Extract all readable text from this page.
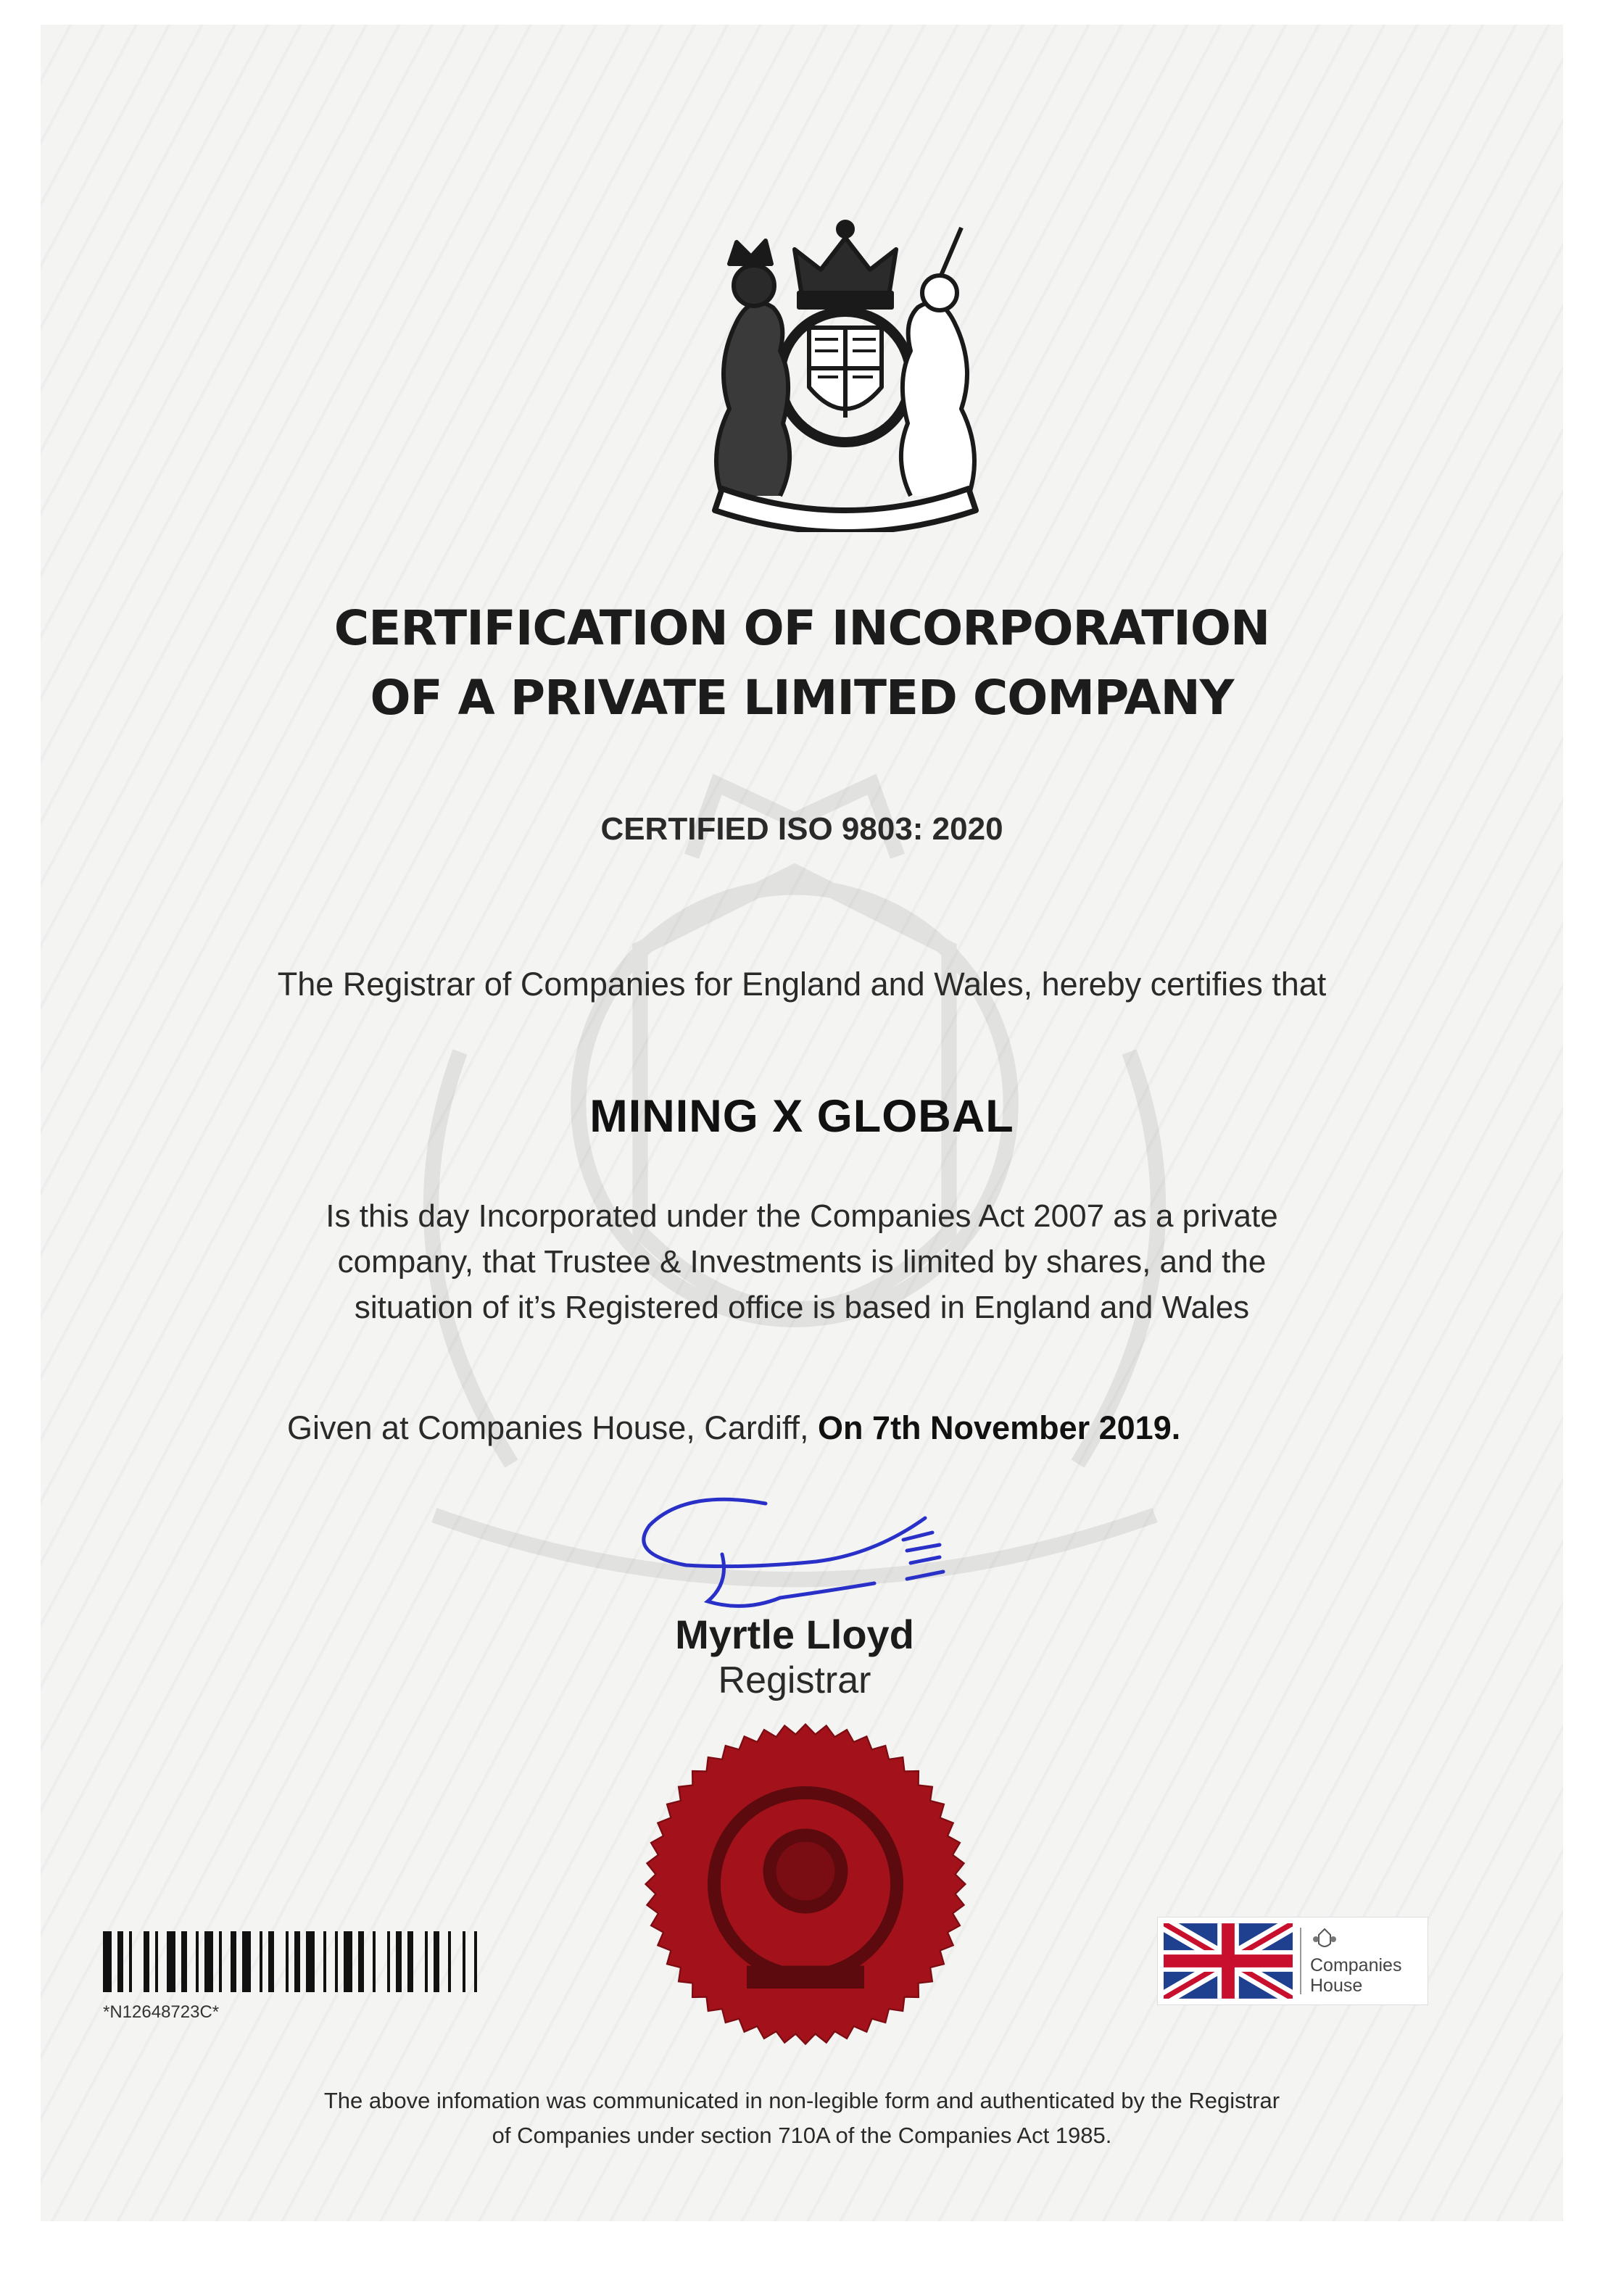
CERTIFICATION OF INCORPORATION
OF A PRIVATE LIMITED COMPANY
CERTIFIED ISO 9803: 2020
The Registrar of Companies for England and Wales, hereby certifies that
MINING X GLOBAL
Is this day Incorporated under the Companies Act 2007 as a private
company, that Trustee & Investments is limited by shares, and the
situation of it’s Registered office is based in England and Wales
Given at Companies House, Cardiff, On 7th November 2019.
Myrtle Lloyd
Registrar
*N12648723C*
Companies
House
The above infomation was communicated in non-legible form and authenticated by the Registrar
of Companies under section 710A of the Companies Act 1985.
